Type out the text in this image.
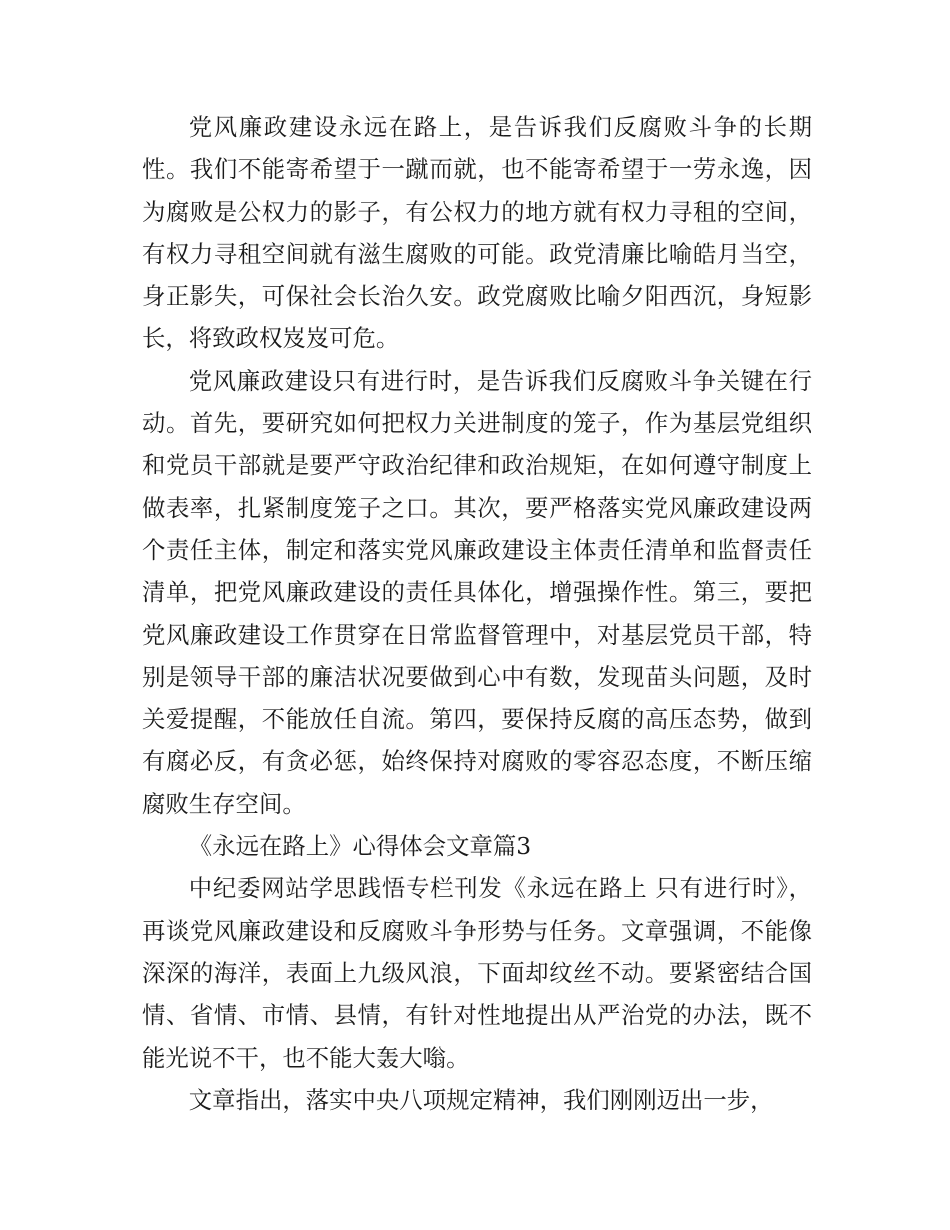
党风廉政建设永远在路上，是告诉我们反腐败斗争的长期性。我们不能寄希望于一蹴而就，也不能寄希望于一劳永逸，因为腐败是公权力的影子，有公权力的地方就有权力寻租的空间，有权力寻租空间就有滋生腐败的可能。政党清廉比喻皓月当空，身正影失，可保社会长治久安。政党腐败比喻夕阳西沉，身短影长，将致政权岌岌可危。

党风廉政建设只有进行时，是告诉我们反腐败斗争关键在行动。首先，要研究如何把权力关进制度的笼子，作为基层党组织和党员干部就是要严守政治纪律和政治规矩，在如何遵守制度上做表率，扎紧制度笼子之口。其次，要严格落实党风廉政建设两个责任主体，制定和落实党风廉政建设主体责任清单和监督责任清单，把党风廉政建设的责任具体化，增强操作性。第三，要把党风廉政建设工作贯穿在日常监督管理中，对基层党员干部，特别是领导干部的廉洁状况要做到心中有数，发现苗头问题，及时关爱提醒，不能放任自流。第四，要保持反腐的高压态势，做到有腐必反，有贪必惩，始终保持对腐败的零容忍态度，不断压缩腐败生存空间。

《永远在路上》心得体会文章篇3

中纪委网站学思践悟专栏刊发《永远在路上 只有进行时》，再谈党风廉政建设和反腐败斗争形势与任务。文章强调，不能像深深的海洋，表面上九级风浪，下面却纹丝不动。要紧密结合国情、省情、市情、县情，有针对性地提出从严治党的办法，既不能光说不干，也不能大轰大嗡。

文章指出，落实中央八项规定精神，我们刚刚迈出一步，
